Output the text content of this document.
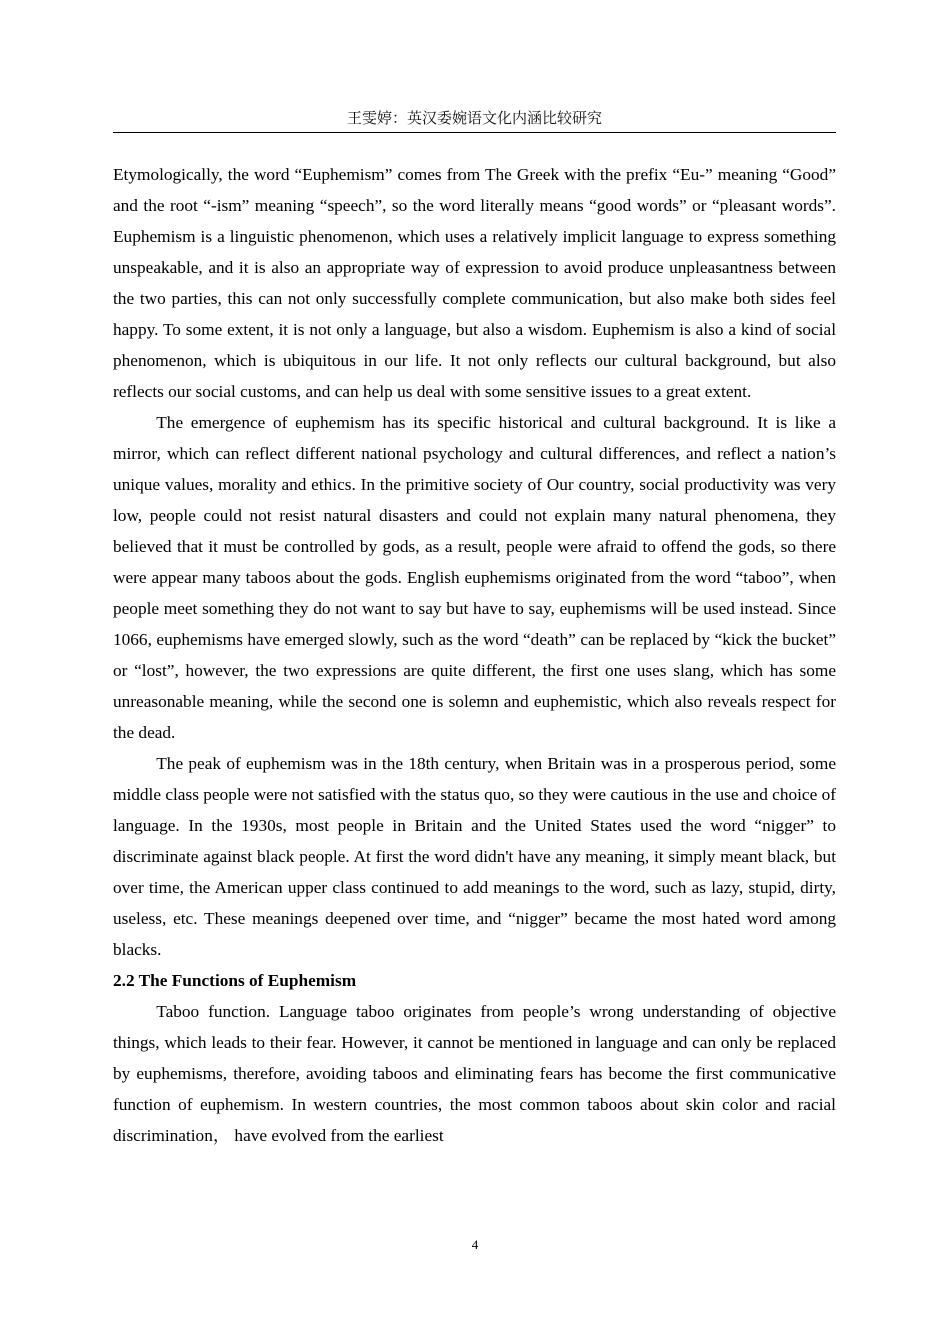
王雯婷：英汉委婉语文化内涵比较研究

Etymologically, the word “Euphemism” comes from The Greek with the prefix “Eu-” meaning “Good” and the root “-ism” meaning “speech”, so the word literally means “good words” or “pleasant words”. Euphemism is a linguistic phenomenon, which uses a relatively implicit language to express something unspeakable, and it is also an appropriate way of expression to avoid produce unpleasantness between the two parties, this can not only successfully complete communication, but also make both sides feel happy. To some extent, it is not only a language, but also a wisdom. Euphemism is also a kind of social phenomenon, which is ubiquitous in our life. It not only reflects our cultural background, but also reflects our social customs, and can help us deal with some sensitive issues to a great extent.

The emergence of euphemism has its specific historical and cultural background. It is like a mirror, which can reflect different national psychology and cultural differences, and reflect a nation’s unique values, morality and ethics. In the primitive society of Our country, social productivity was very low, people could not resist natural disasters and could not explain many natural phenomena, they believed that it must be controlled by gods, as a result, people were afraid to offend the gods, so there were appear many taboos about the gods. English euphemisms originated from the word “taboo”, when people meet something they do not want to say but have to say, euphemisms will be used instead. Since 1066, euphemisms have emerged slowly, such as the word “death” can be replaced by “kick the bucket” or “lost”, however, the two expressions are quite different, the first one uses slang, which has some unreasonable meaning, while the second one is solemn and euphemistic, which also reveals respect for the dead.

The peak of euphemism was in the 18th century, when Britain was in a prosperous period, some middle class people were not satisfied with the status quo, so they were cautious in the use and choice of language. In the 1930s, most people in Britain and the United States used the word “nigger” to discriminate against black people. At first the word didn't have any meaning, it simply meant black, but over time, the American upper class continued to add meanings to the word, such as lazy, stupid, dirty, useless, etc. These meanings deepened over time, and “nigger” became the most hated word among blacks.

2.2 The Functions of Euphemism

Taboo function. Language taboo originates from people’s wrong understanding of objective things, which leads to their fear. However, it cannot be mentioned in language and can only be replaced by euphemisms, therefore, avoiding taboos and eliminating fears has become the first communicative function of euphemism. In western countries, the most common taboos about skin color and racial discrimination， have evolved from the earliest

4
